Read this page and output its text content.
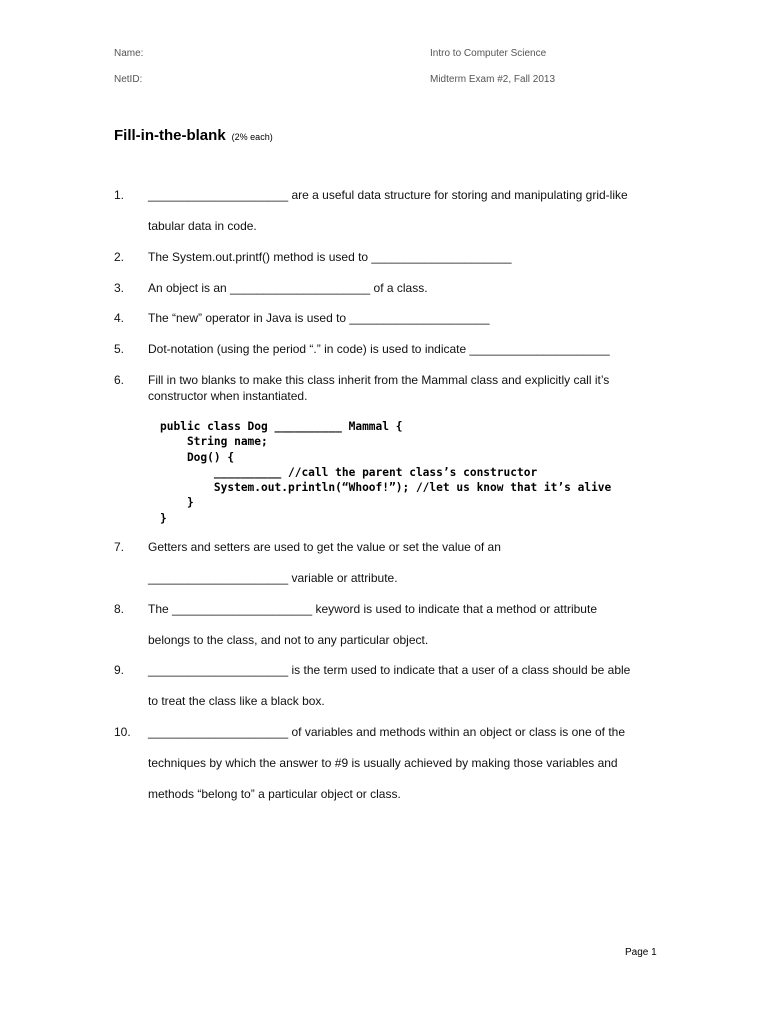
Name:
NetID:
Intro to Computer Science
Midterm Exam #2, Fall 2013
Fill-in-the-blank (2% each)
1.	_____________________ are a useful data structure for storing and manipulating grid-like
tabular data in code.
2.	The System.out.printf() method is used to _____________________
3.	An object is an _____________________ of a class.
4.	The “new” operator in Java is used to _____________________
5.	Dot-notation (using the period “.” in code) is used to indicate _____________________
6.	Fill in two blanks to make this class inherit from the Mammal class and explicitly call it’s
constructor when instantiated.
public class Dog __________ Mammal {
String name;
Dog() {
__________ //call the parent class’s constructor
System.out.println(“Whoof!”); //let us know that it’s alive
}
}
7.	Getters and setters are used to get the value or set the value of an
_____________________ variable or attribute.
8.	The _____________________ keyword is used to indicate that a method or attribute
belongs to the class, and not to any particular object.
9.	_____________________ is the term used to indicate that a user of a class should be able
to treat the class like a black box.
10.	_____________________ of variables and methods within an object or class is one of the
techniques by which the answer to #9 is usually achieved by making those variables and
methods “belong to” a particular object or class.
Page 1
